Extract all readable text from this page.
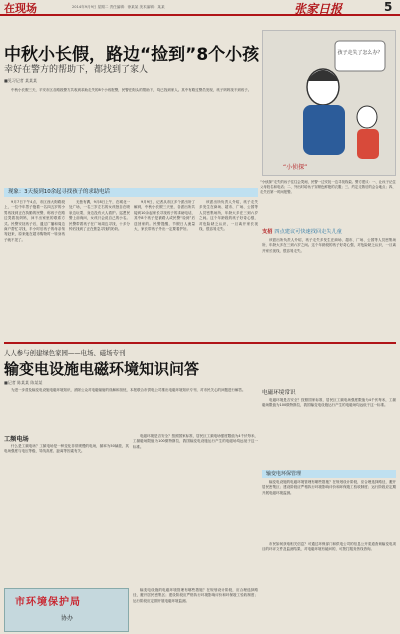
在现场	2014年9月9日 星期二 责任编辑：徐某某 美术编辑：某某	张家日报	5
中秋小长假，路边“捡到”8个小孩
幸好在警方的帮助下，都找到了家人
■见习记者 某某某
孩子走失了怎么办？
“小侦探”
中秋小长假三天，平安市区各路段警方共收到求助走失的8个小孩报警，民警在街头的帮助下，均已找到家人。其中有路过警员发现，孩子妈妈找不到孩子。
现象：3天接到10余起寻找孩子的求助电话
9月7日下午4点，市区西大街路段上，一位中年男子抱着一名四五岁的小男孩找到正在执勤的民警，称孩子在路边哭着找妈妈，问不出家里的联系方式。民警安抚孩子后，通过广播和周边商户帮忙寻找，半小时后孩子的母亲匆匆赶来，原来她在超市购物时一转身孩子就不见了。
无独有偶，9月8日上午，在城北一处广场，一名三岁左右的女孩独自在喷泉边玩耍，身边没有大人看护。巡逻民警上前询问，女孩只会说自己的小名。民警带着孩子在广场周边寻找，十多分钟后找到了正在焦急寻找的奶奶。
9月9日，记者从市区多个派出所了解到，中秋小长假三天里，各派出所共接到10余起家长寻找孩子的求助电话，其中8个孩子是被路人或民警“捡到”后送回家的。民警提醒，节假日人流量大，家长带孩子外出一定要看护好。
该派出所负责人介绍，孩子走失多发生在商场、超市、广场、公园等人员密集场所，年龄大多在三到六岁之间。这个年龄段的孩子好奇心强，对危险缺乏认识，一旦离开家长视线，很容易走失。
“小侦探”走失的孩子往往会哭闹，民警一边安抚一边寻找线索。警方建议：一、让孩子记住父母姓名和电话；二、外出时给孩子穿颜色鲜艳的衣服；三、约定走散后的会合地点；四、走失后第一时间报警。
支招 四点建议可快速找回走失儿童
该派出所负责人介绍，孩子走失多发生在商场、超市、广场、公园等人员密集场所，年龄大多在三到六岁之间。这个年龄段的孩子好奇心强，对危险缺乏认识，一旦离开家长视线，很容易走失。
人人参与创建绿色家园——电场、磁场专刊
输变电设施电磁环境知识问答
■记者 陈某某 陈某某
为进一步普及输变电设施电磁环境知识，消除公众对电磁辐射的误解和担忧，本报联合市供电公司推出电磁环境知识专刊，对市民关心的问题进行解答。
工频电场
什么是工频电场？工频电场是一种变化非常缓慢的电场，频率为50赫兹，其电场强度与电压等级、导线高度、距离等因素有关。
电磁环境是否安全？按照国家标准，居民区工频电场强度限值为4千伏每米，工频磁场限值为100微特斯拉，我国输变电设施运行产生的电磁场均远低于这一标准。
电磁环境常识
电磁环境是否安全？按照国家标准，居民区工频电场强度限值为4千伏每米，工频磁场限值为100微特斯拉，我国输变电设施运行产生的电磁场均远低于这一标准。
输变电环保管理
输变电设施的电磁环境管理有哪些措施？在规划设计阶段，应合理选择路径，避开居民密集区；建设阶段应严格执行环境影响评价和环保竣工验收制度；运行阶段应定期开展电磁环境监测。
市民如何获取相关信息？可通过环保部门和供电公司的信息公开渠道查询输变电项目的环评文件及监测结果，对电磁环境有疑问的，可拨打服务热线咨询。
输变电设施的电磁环境管理有哪些措施？在规划设计阶段，应合理选择路径，避开居民密集区；建设阶段应严格执行环境影响评价和环保竣工验收制度；运行阶段应定期开展电磁环境监测。
市环境保护局
协办
